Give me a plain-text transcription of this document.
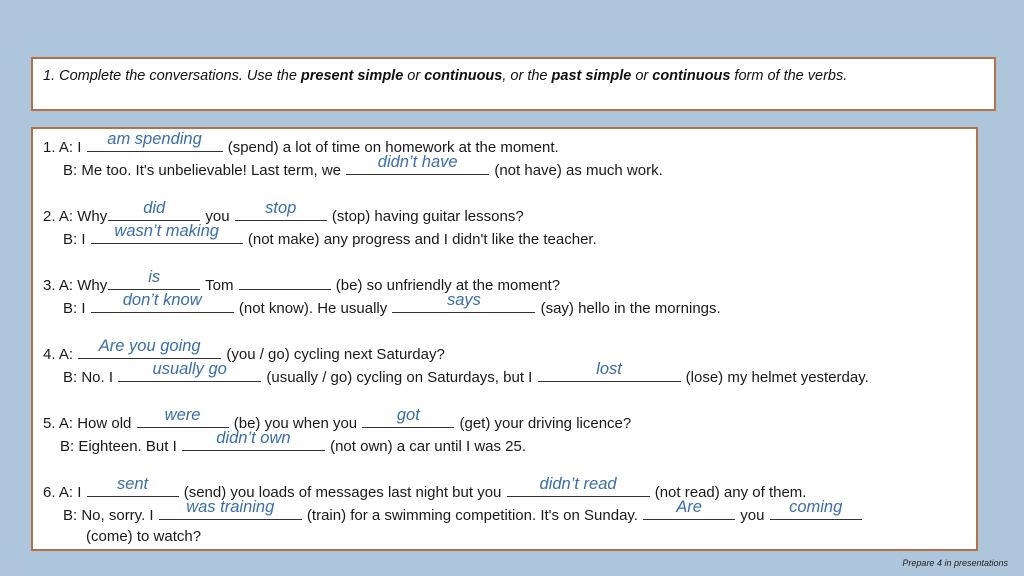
1. Complete the conversations. Use the present simple or continuous, or the past simple or continuous form of the verbs.
1. A: I	am spending	(spend) a lot of time on homework at the moment.
B: Me too. It's unbelievable! Last term, we	didn’t have	(not have) as much work.
2. A: Why	did	you	stop	(stop) having guitar lessons?
B: I	wasn’t making	(not make) any progress and I didn't like the teacher.
3. A: Why	is	Tom	(be) so unfriendly at the moment?
B: I	don’t know	(not know). He usually	says	(say) hello in the mornings.
4. A:	Are you going	(you / go) cycling next Saturday?
B: No. I	usually go	(usually / go) cycling on Saturdays, but I	lost	(lose) my helmet yesterday.
5. A: How old	were	(be) you when you	got	(get) your driving licence?
B: Eighteen. But I	didn’t own	(not own) a car until I was 25.
6. A: I	sent	(send) you loads of messages last night but you	didn’t read	(not read) any of them.
B: No, sorry. I	was training	(train) for a swimming competition. It's on Sunday.	Are	you	coming
(come) to watch?
Prepare 4 in presentations
